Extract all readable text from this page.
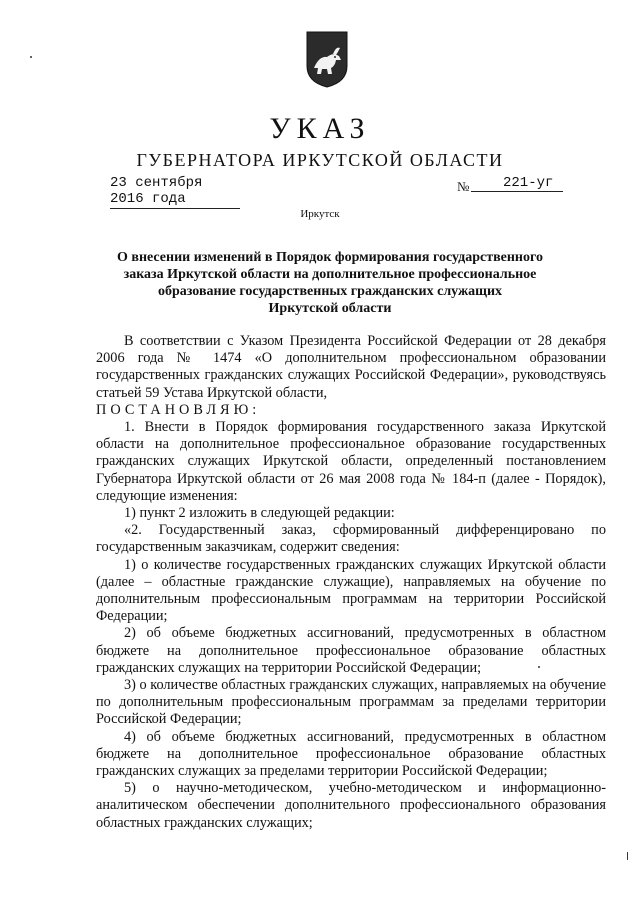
УКАЗ
ГУБЕРНАТОРА ИРКУТСКОЙ ОБЛАСТИ
23 сентября 2016 года
№	221-уг
Иркутск
О внесении изменений в Порядок формирования государственного
заказа Иркутской области на дополнительное профессиональное
образование государственных гражданских служащих
Иркутской области

В соответствии с Указом Президента Российской Федерации от 28 декабря 2006 года № 1474 «О дополнительном профессиональном образовании государственных гражданских служащих Российской Федерации», руководствуясь статьей 59 Устава Иркутской области,

ПОСТАНОВЛЯЮ:

1. Внести в Порядок формирования государственного заказа Иркутской области на дополнительное профессиональное образование государственных гражданских служащих Иркутской области, определенный постановлением Губернатора Иркутской области от 26 мая 2008 года № 184-п (далее - Порядок), следующие изменения:

1) пункт 2 изложить в следующей редакции:

«2. Государственный заказ, сформированный дифференцировано по государственным заказчикам, содержит сведения:

1) о количестве государственных гражданских служащих Иркутской области (далее – областные гражданские служащие), направляемых на обучение по дополнительным профессиональным программам на территории Российской Федерации;

2) об объеме бюджетных ассигнований, предусмотренных в областном бюджете на дополнительное профессиональное образование областных гражданских служащих на территории Российской Федерации;

3) о количестве областных гражданских служащих, направляемых на обучение по дополнительным профессиональным программам за пределами территории Российской Федерации;

4) об объеме бюджетных ассигнований, предусмотренных в областном бюджете на дополнительное профессиональное образование областных гражданских служащих за пределами территории Российской Федерации;

5) о научно-методическом, учебно-методическом и информационно-аналитическом обеспечении дополнительного профессионального образования областных гражданских служащих;
